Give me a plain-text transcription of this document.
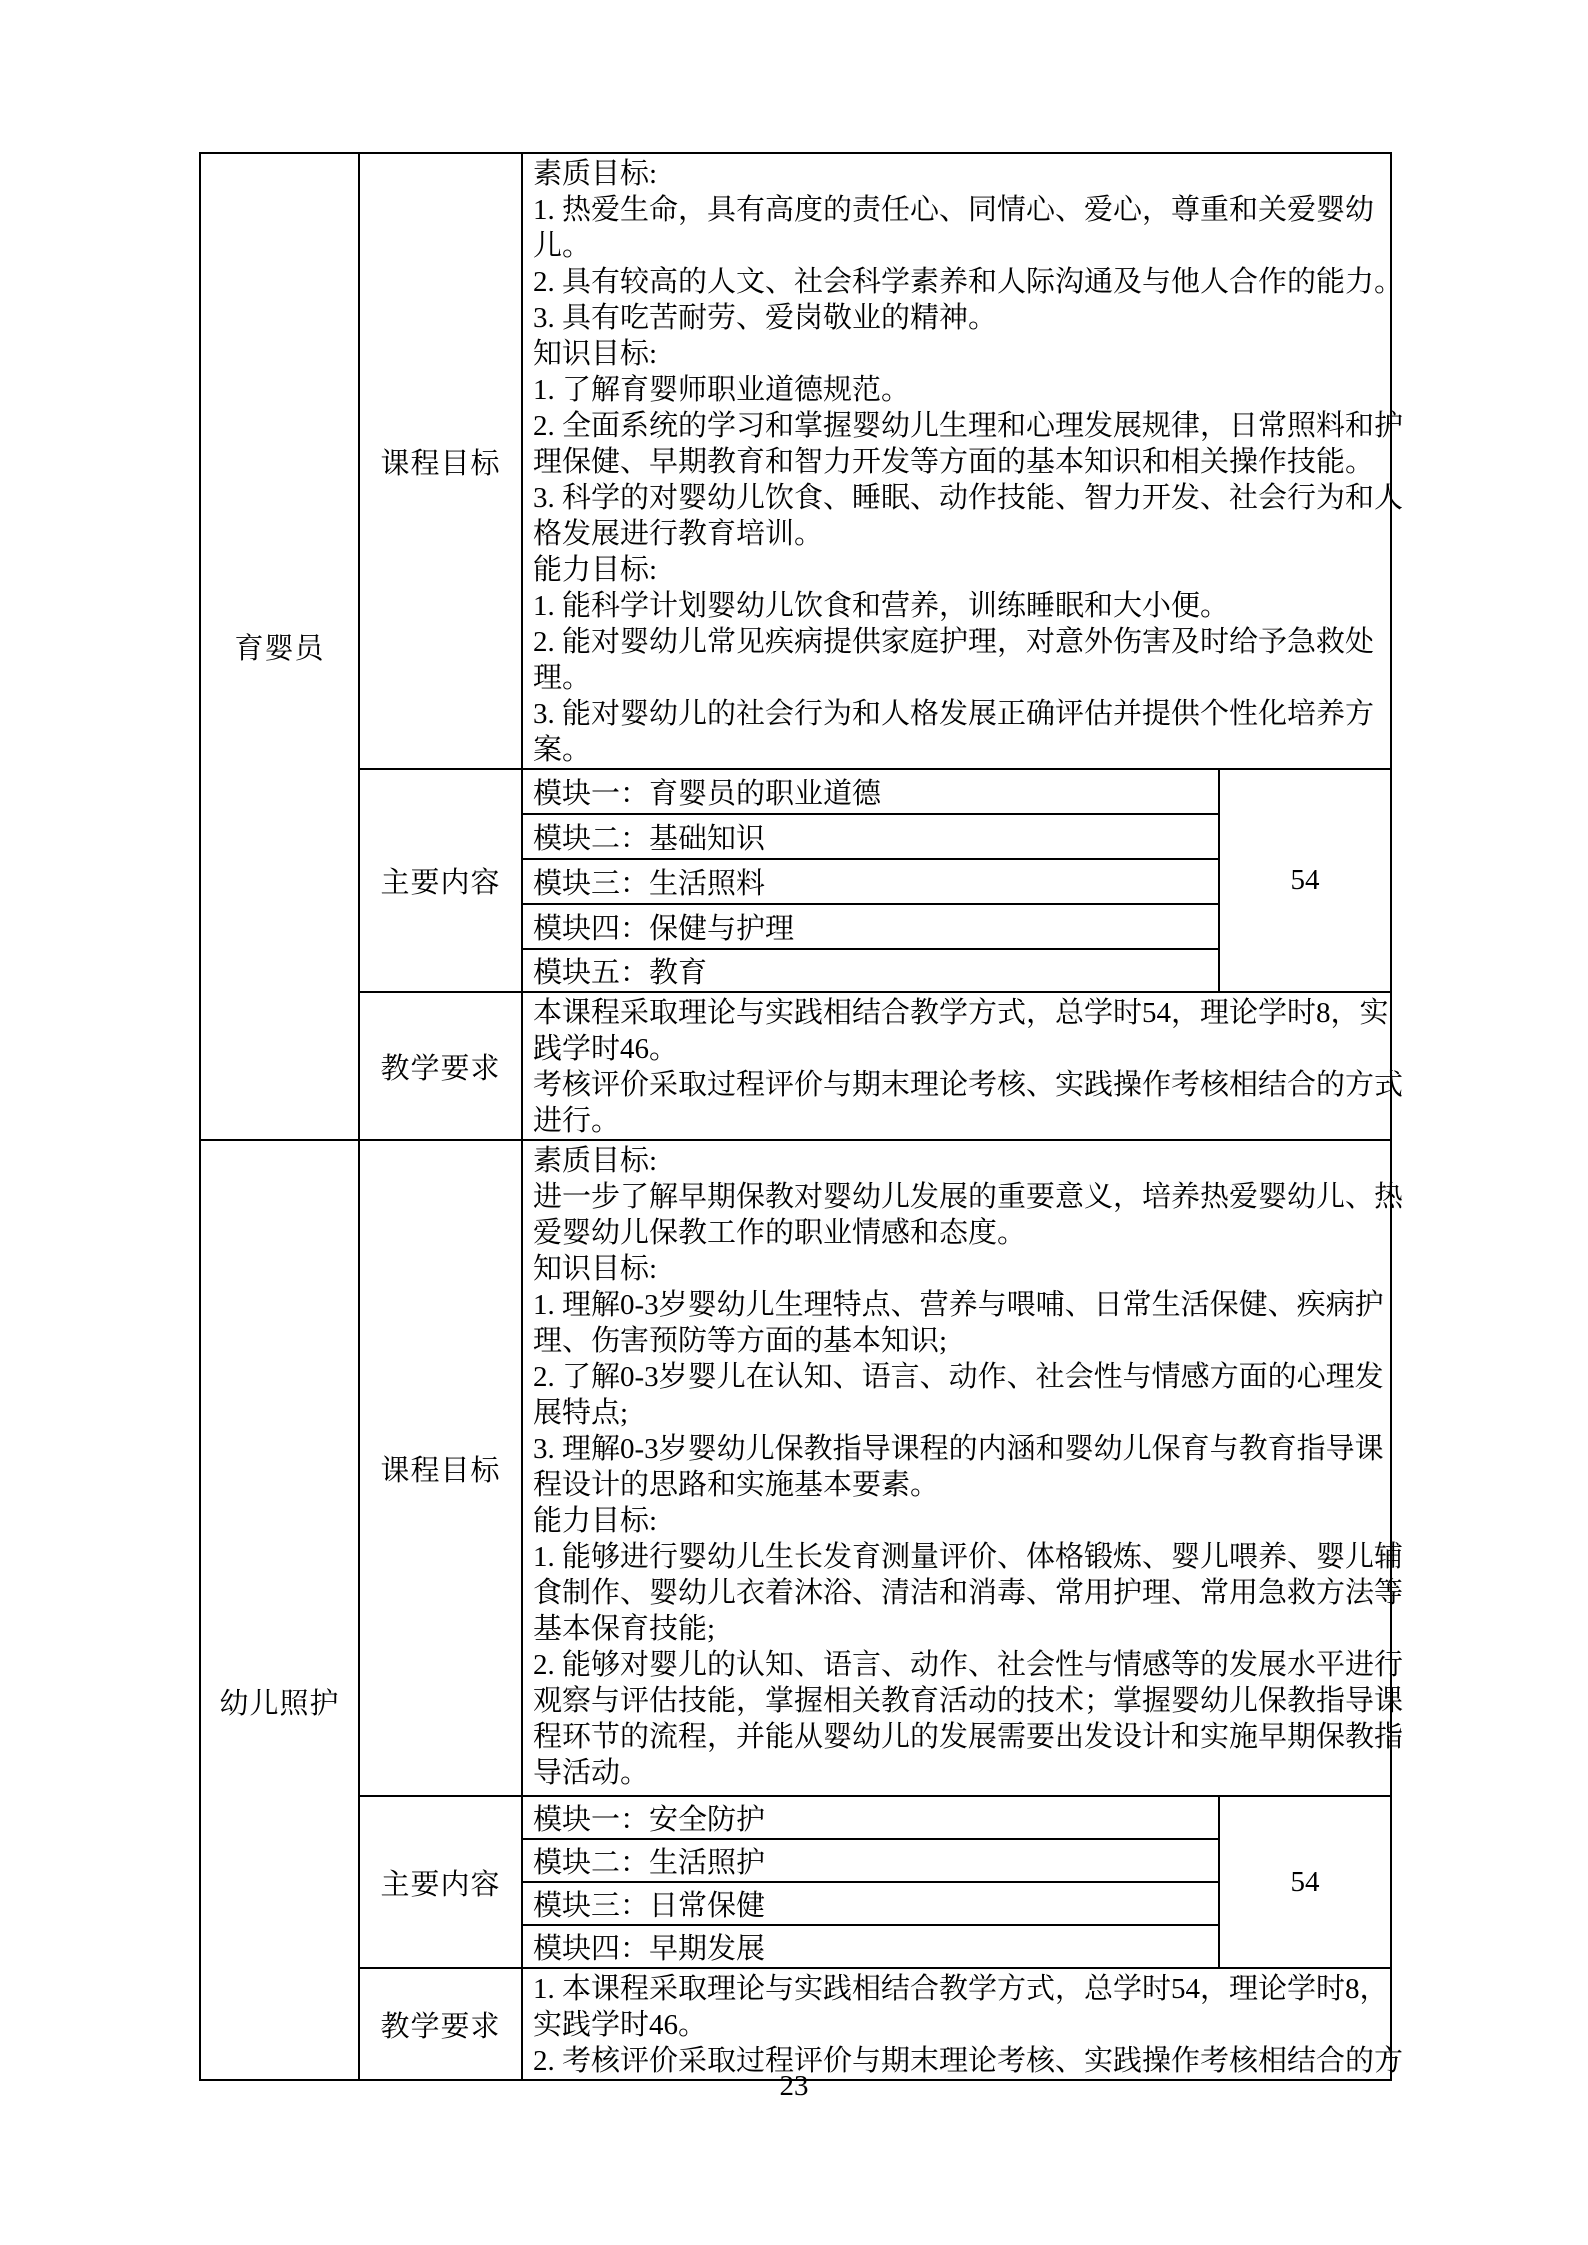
育婴员	课程目标	
素质目标:
1. 热爱生命，具有高度的责任心、同情心、爱心，尊重和关爱婴幼
儿。
2. 具有较高的人文、社会科学素养和人际沟通及与他人合作的能力。
3. 具有吃苦耐劳、爱岗敬业的精神。
知识目标:
1. 了解育婴师职业道德规范。
2. 全面系统的学习和掌握婴幼儿生理和心理发展规律，日常照料和护
理保健、早期教育和智力开发等方面的基本知识和相关操作技能。
3. 科学的对婴幼儿饮食、睡眠、动作技能、智力开发、社会行为和人
格发展进行教育培训。
能力目标:
1. 能科学计划婴幼儿饮食和营养，训练睡眠和大小便。
2. 能对婴幼儿常见疾病提供家庭护理，对意外伤害及时给予急救处
理。
3. 能对婴幼儿的社会行为和人格发展正确评估并提供个性化培养方
案。

	主要内容	模块一：育婴员的职业道德	54
		模块二：基础知识	
		模块三：生活照料	
		模块四：保健与护理	
		模块五：教育	
	教学要求	本课程采取理论与实践相结合教学方式，总学时54，理论学时8，实
践学时46。
考核评价采取过程评价与期末理论考核、实践操作考核相结合的方式
进行。	

幼儿照护	课程目标	
素质目标:
进一步了解早期保教对婴幼儿发展的重要意义，培养热爱婴幼儿、热
爱婴幼儿保教工作的职业情感和态度。
知识目标:
1. 理解0-3岁婴幼儿生理特点、营养与喂哺、日常生活保健、疾病护
理、伤害预防等方面的基本知识;
2. 了解0-3岁婴儿在认知、语言、动作、社会性与情感方面的心理发
展特点;
3. 理解0-3岁婴幼儿保教指导课程的内涵和婴幼儿保育与教育指导课
程设计的思路和实施基本要素。
能力目标:
1. 能够进行婴幼儿生长发育测量评价、体格锻炼、婴儿喂养、婴儿辅
食制作、婴幼儿衣着沐浴、清洁和消毒、常用护理、常用急救方法等
基本保育技能;
2. 能够对婴儿的认知、语言、动作、社会性与情感等的发展水平进行
观察与评估技能，掌握相关教育活动的技术；掌握婴幼儿保教指导课
程环节的流程，并能从婴幼儿的发展需要出发设计和实施早期保教指
导活动。

	主要内容	模块一：安全防护	54
		模块二：生活照护	
		模块三：日常保健	
		模块四：早期发展	
	教学要求	1. 本课程采取理论与实践相结合教学方式，总学时54，理论学时8，
实践学时46。
2. 考核评价采取过程评价与期末理论考核、实践操作考核相结合的方	
23
